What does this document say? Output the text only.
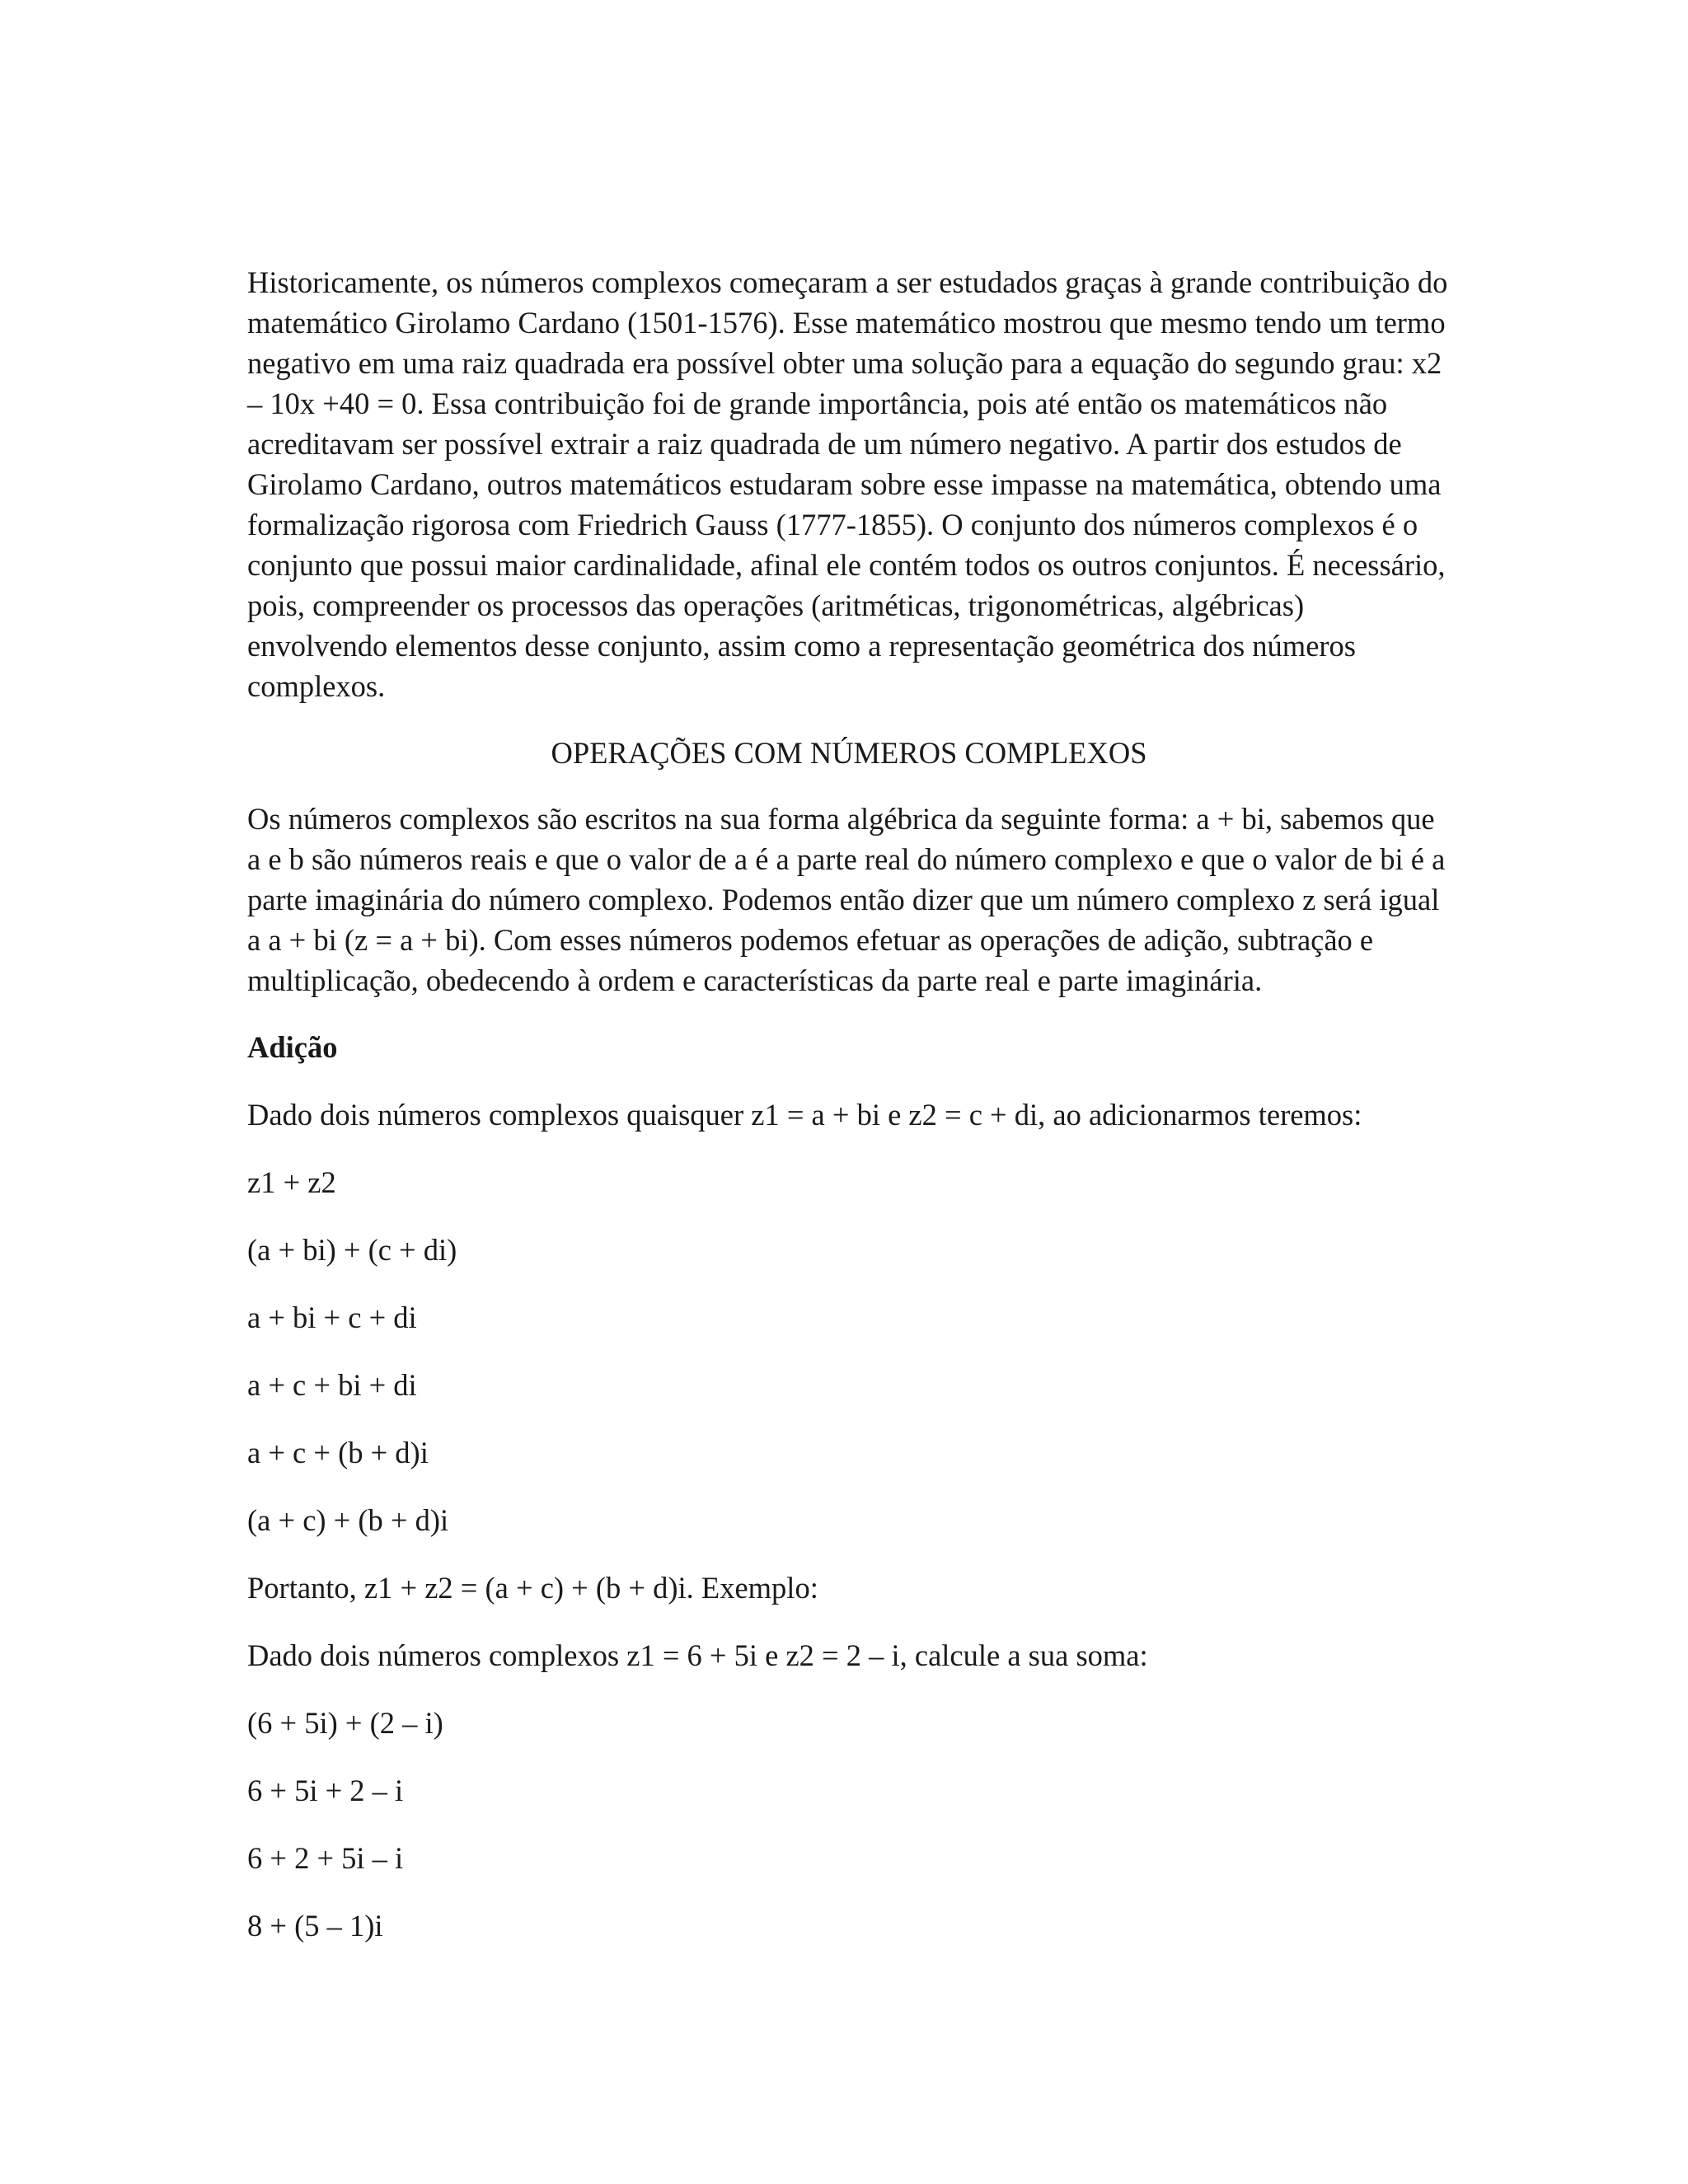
Historicamente, os números complexos começaram a ser estudados graças à grande contribuição do matemático Girolamo Cardano (1501-1576). Esse matemático mostrou que mesmo tendo um termo negativo em uma raiz quadrada era possível obter uma solução para a equação do segundo grau: x2 – 10x +40 = 0. Essa contribuição foi de grande importância, pois até então os matemáticos não acreditavam ser possível extrair a raiz quadrada de um número negativo. A partir dos estudos de Girolamo Cardano, outros matemáticos estudaram sobre esse impasse na matemática, obtendo uma formalização rigorosa com Friedrich Gauss (1777-1855). O conjunto dos números complexos é o conjunto que possui maior cardinalidade, afinal ele contém todos os outros conjuntos. É necessário, pois, compreender os processos das operações (aritméticas, trigonométricas, algébricas) envolvendo elementos desse conjunto, assim como a representação geométrica dos números complexos.

OPERAÇÕES COM NÚMEROS COMPLEXOS

Os números complexos são escritos na sua forma algébrica da seguinte forma: a + bi, sabemos que a e b são números reais e que o valor de a é a parte real do número complexo e que o valor de bi é a parte imaginária do número complexo. Podemos então dizer que um número complexo z será igual a a + bi (z = a + bi). Com esses números podemos efetuar as operações de adição, subtração e multiplicação, obedecendo à ordem e características da parte real e parte imaginária.

Adição

Dado dois números complexos quaisquer z1 = a + bi e z2 = c + di, ao adicionarmos teremos:

z1 + z2

(a + bi) + (c + di)

a + bi + c + di

a + c + bi + di

a + c + (b + d)i

(a + c) + (b + d)i

Portanto, z1 + z2 = (a + c) + (b + d)i. Exemplo:

Dado dois números complexos z1 = 6 + 5i e z2 = 2 – i, calcule a sua soma:

(6 + 5i) + (2 – i)

6 + 5i + 2 – i

6 + 2 + 5i – i

8 + (5 – 1)i
